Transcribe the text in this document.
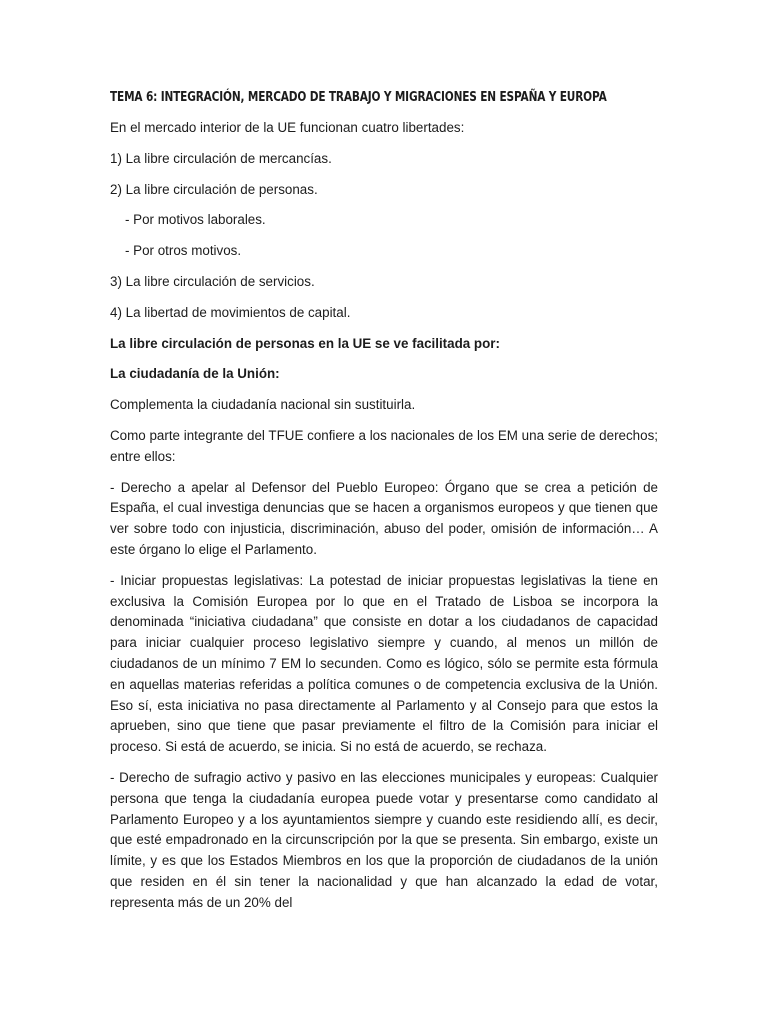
TEMA 6: INTEGRACIÓN, MERCADO DE TRABAJO Y MIGRACIONES EN ESPAÑA Y EUROPA

En el mercado interior de la UE funcionan cuatro libertades:

1) La libre circulación de mercancías.

2) La libre circulación de personas.

- Por motivos laborales.

- Por otros motivos.

3) La libre circulación de servicios.

4) La libertad de movimientos de capital.

La libre circulación de personas en la UE se ve facilitada por:

La ciudadanía de la Unión:

Complementa la ciudadanía nacional sin sustituirla.

Como parte integrante del TFUE confiere a los nacionales de los EM una serie de derechos; entre ellos:

- Derecho a apelar al Defensor del Pueblo Europeo: Órgano que se crea a petición de España, el cual investiga denuncias que se hacen a organismos europeos y que tienen que ver sobre todo con injusticia, discriminación, abuso del poder, omisión de información… A este órgano lo elige el Parlamento.

- Iniciar propuestas legislativas: La potestad de iniciar propuestas legislativas la tiene en exclusiva la Comisión Europea por lo que en el Tratado de Lisboa se incorpora la denominada “iniciativa ciudadana” que consiste en dotar a los ciudadanos de capacidad para iniciar cualquier proceso legislativo siempre y cuando, al menos un millón de ciudadanos de un mínimo 7 EM lo secunden. Como es lógico, sólo se permite esta fórmula en aquellas materias referidas a política comunes o de competencia exclusiva de la Unión. Eso sí, esta iniciativa no pasa directamente al Parlamento y al Consejo para que estos la aprueben, sino que tiene que pasar previamente el filtro de la Comisión para iniciar el proceso. Si está de acuerdo, se inicia. Si no está de acuerdo, se rechaza.

- Derecho de sufragio activo y pasivo en las elecciones municipales y europeas: Cualquier persona que tenga la ciudadanía europea puede votar y presentarse como candidato al Parlamento Europeo y a los ayuntamientos siempre y cuando este residiendo allí, es decir, que esté empadronado en la circunscripción por la que se presenta. Sin embargo, existe un límite, y es que los Estados Miembros en los que la proporción de ciudadanos de la unión que residen en él sin tener la nacionalidad y que han alcanzado la edad de votar, representa más de un 20% del
